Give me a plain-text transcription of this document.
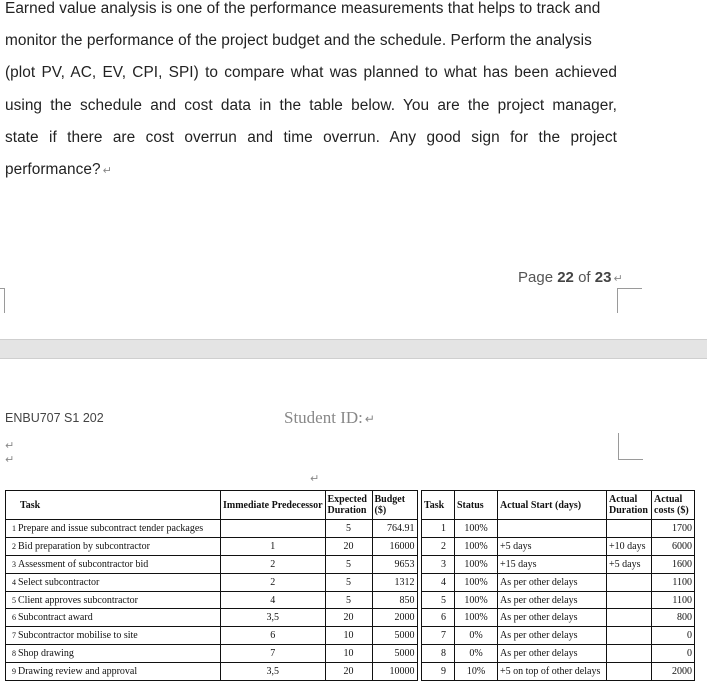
Earned value analysis is one of the performance measurements that helps to track and
monitor the performance of the project budget and the schedule. Perform the analysis
(plot PV, AC, EV, CPI, SPI) to compare what was planned to what has been achieved
using the schedule and cost data in the table below. You are the project manager,
state if there are cost overrun and time overrun. Any good sign for the project
performance? ↵
Page 22 of 23 ↵
ENBU707 S1 202	Student ID: ↵
↵
↵
↵
Task		Immediate Predecessor	Expected Duration	Budget ($)
1	Prepare and issue subcontract tender packages		5	764.91
2	Bid preparation by subcontractor	1	20	16000
3	Assessment of subcontractor bid	2	5	9653
4	Select subcontractor	2	5	1312
5	Client approves subcontractor	4	5	850
6	Subcontract award	3,5	20	2000
7	Subcontractor mobilise to site	6	10	5000
8	Shop drawing	7	10	5000
9	Drawing review and approval	3,5	20	10000
Task		Status	Actual Start (days)	Actual Duration	Actual costs ($)
1		100%			1700
2		100%	+5 days	+10 days	6000
3		100%	+15 days	+5 days	1600
4		100%	As per other delays		1100
5		100%	As per other delays		1100
6		100%	As per other delays		800
7		0%	As per other delays		0
8		0%	As per other delays		0
9		10%	+5 on top of other delays		2000
